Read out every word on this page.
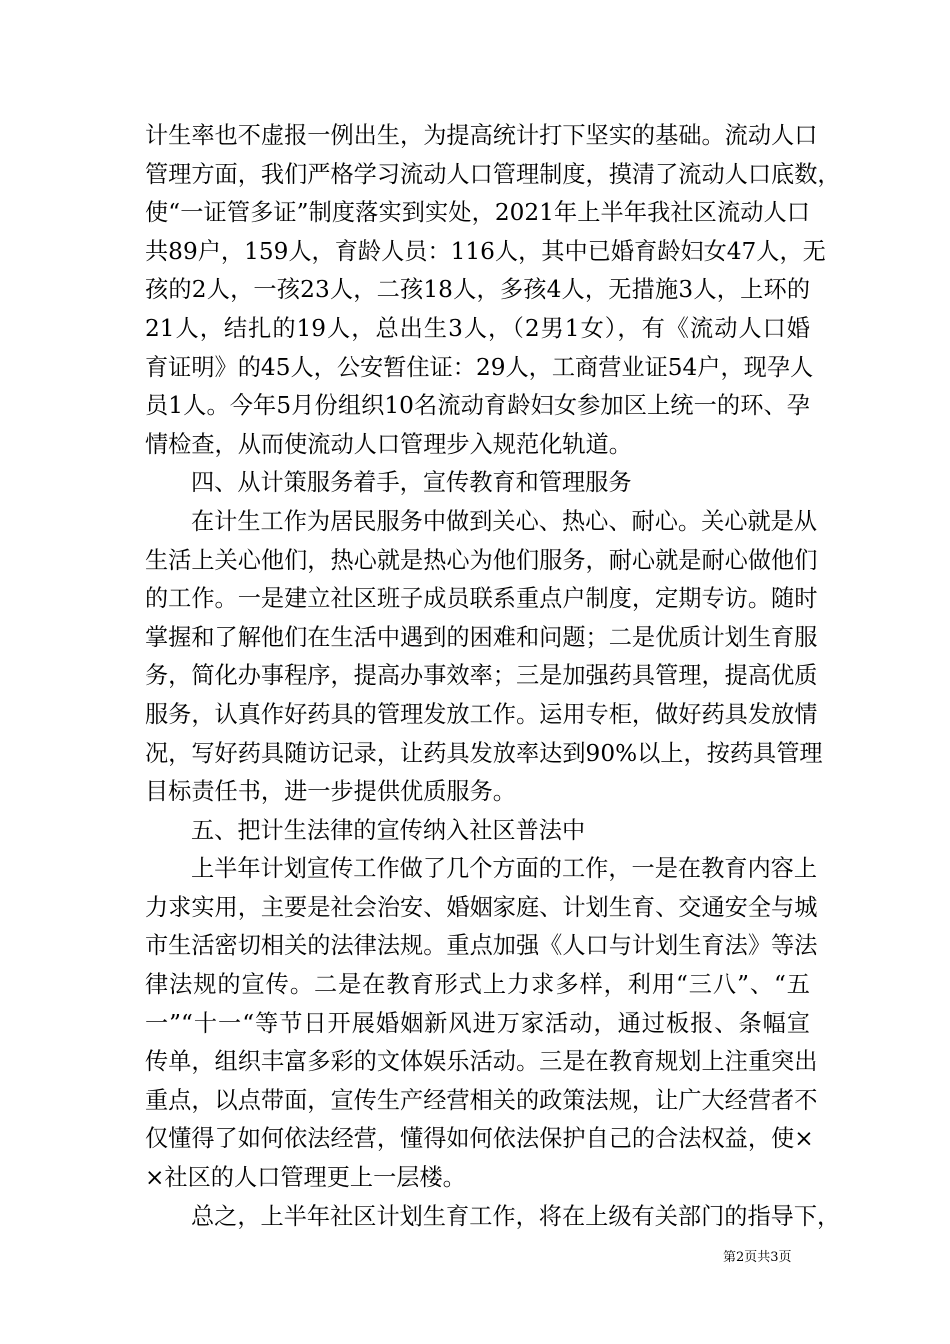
计生率也不虚报一例出生，为提高统计打下坚实的基础。流动人口
管理方面，我们严格学习流动人口管理制度，摸清了流动人口底数，
使“一证管多证”制度落实到实处，2021年上半年我社区流动人口
共89户，159人，育龄人员：116人，其中已婚育龄妇女47人，无
孩的2人，一孩23人，二孩18人，多孩4人，无措施3人，上环的
21人，结扎的19人，总出生3人，（2男1女），有《流动人口婚
育证明》的45人，公安暂住证：29人，工商营业证54户，现孕人
员1人。今年5月份组织10名流动育龄妇女参加区上统一的环、孕
情检查，从而使流动人口管理步入规范化轨道。
四、从计策服务着手，宣传教育和管理服务
在计生工作为居民服务中做到关心、热心、耐心。关心就是从
生活上关心他们，热心就是热心为他们服务，耐心就是耐心做他们
的工作。一是建立社区班子成员联系重点户制度，定期专访。随时
掌握和了解他们在生活中遇到的困难和问题；二是优质计划生育服
务，简化办事程序，提高办事效率；三是加强药具管理，提高优质
服务，认真作好药具的管理发放工作。运用专柜，做好药具发放情
况，写好药具随访记录，让药具发放率达到90%以上，按药具管理
目标责任书，进一步提供优质服务。
五、把计生法律的宣传纳入社区普法中
上半年计划宣传工作做了几个方面的工作，一是在教育内容上
力求实用，主要是社会治安、婚姻家庭、计划生育、交通安全与城
市生活密切相关的法律法规。重点加强《人口与计划生育法》等法
律法规的宣传。二是在教育形式上力求多样，利用“三八”、“五
一”“十一“等节日开展婚姻新风进万家活动，通过板报、条幅宣
传单，组织丰富多彩的文体娱乐活动。三是在教育规划上注重突出
重点，以点带面，宣传生产经营相关的政策法规，让广大经营者不
仅懂得了如何依法经营，懂得如何依法保护自己的合法权益，使×
×社区的人口管理更上一层楼。
总之，上半年社区计划生育工作，将在上级有关部门的指导下，
第2页共3页
